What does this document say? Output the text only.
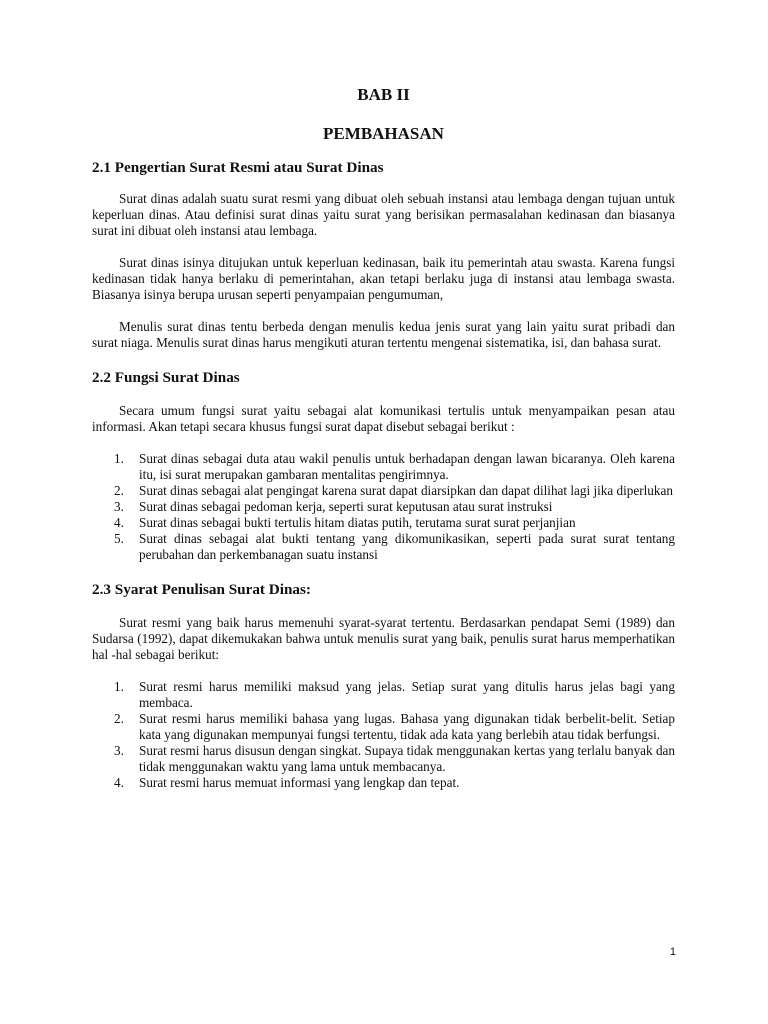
BAB II
PEMBAHASAN
2.1 Pengertian Surat Resmi atau Surat Dinas

Surat dinas adalah suatu surat resmi yang dibuat oleh sebuah instansi atau lembaga dengan tujuan untuk keperluan dinas. Atau definisi surat dinas yaitu surat yang berisikan permasalahan kedinasan dan biasanya surat ini dibuat oleh instansi atau lembaga.

Surat dinas isinya ditujukan untuk keperluan kedinasan, baik itu pemerintah atau swasta. Karena fungsi kedinasan tidak hanya berlaku di pemerintahan, akan tetapi berlaku juga di instansi atau lembaga swasta. Biasanya isinya berupa urusan seperti penyampaian pengumuman,

Menulis surat dinas tentu berbeda dengan menulis kedua jenis surat yang lain yaitu surat pribadi dan surat niaga. Menulis surat dinas harus mengikuti aturan tertentu mengenai sistematika, isi, dan bahasa surat.

2.2 Fungsi Surat Dinas

Secara umum fungsi surat yaitu sebagai alat komunikasi tertulis untuk menyampaikan pesan atau informasi. Akan tetapi secara khusus fungsi surat dapat disebut sebagai berikut :

1. Surat dinas sebagai duta atau wakil penulis untuk berhadapan dengan lawan bicaranya. Oleh karena itu, isi surat merupakan gambaran mentalitas pengirimnya.
2. Surat dinas sebagai alat pengingat karena surat dapat diarsipkan dan dapat dilihat lagi jika diperlukan
3. Surat dinas sebagai pedoman kerja, seperti surat keputusan atau surat instruksi
4. Surat dinas sebagai bukti tertulis hitam diatas putih, terutama surat surat perjanjian
5. Surat dinas sebagai alat bukti tentang yang dikomunikasikan, seperti pada surat surat tentang perubahan dan perkembanagan suatu instansi
2.3 Syarat Penulisan Surat Dinas:

Surat resmi yang baik harus memenuhi syarat-syarat tertentu. Berdasarkan pendapat Semi (1989) dan Sudarsa (1992), dapat dikemukakan bahwa untuk menulis surat yang baik, penulis surat harus memperhatikan hal -hal sebagai berikut:

1. Surat resmi harus memiliki maksud yang jelas. Setiap surat yang ditulis harus jelas bagi yang membaca.
2. Surat resmi harus memiliki bahasa yang lugas. Bahasa yang digunakan tidak berbelit-belit. Setiap kata yang digunakan mempunyai fungsi tertentu, tidak ada kata yang berlebih atau tidak berfungsi.
3. Surat resmi harus disusun dengan singkat. Supaya tidak menggunakan kertas yang terlalu banyak dan tidak menggunakan waktu yang lama untuk membacanya.
4. Surat resmi harus memuat informasi yang lengkap dan tepat.
1
